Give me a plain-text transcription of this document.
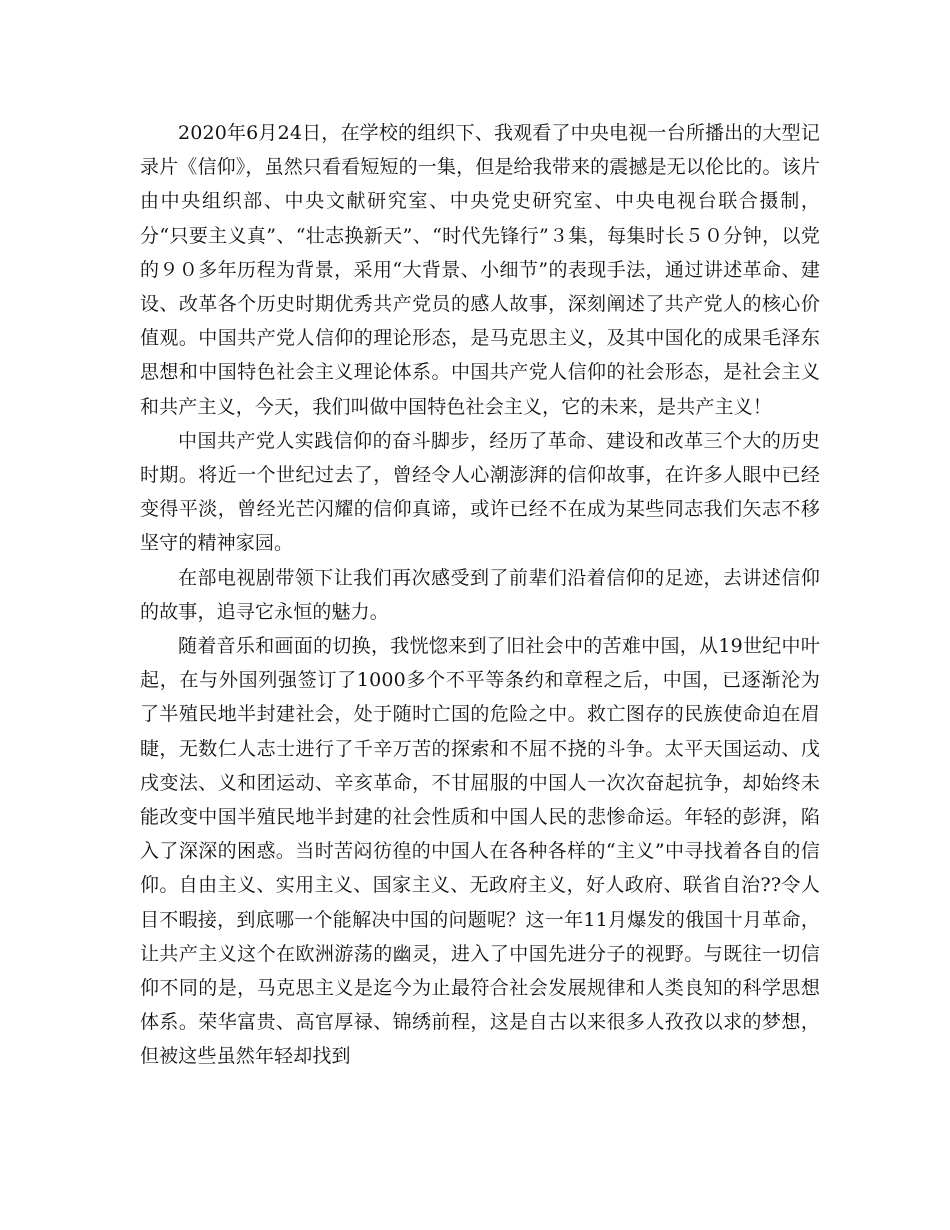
2020年6月24日，在学校的组织下、我观看了中央电视一台所播出的大型记录片《信仰》，虽然只看看短短的一集，但是给我带来的震撼是无以伦比的。该片由中央组织部、中央文献研究室、中央党史研究室、中央电视台联合摄制，分“只要主义真”、“壮志换新天”、“时代先锋行”３集，每集时长５０分钟，以党的９０多年历程为背景，采用“大背景、小细节”的表现手法，通过讲述革命、建设、改革各个历史时期优秀共产党员的感人故事，深刻阐述了共产党人的核心价值观。中国共产党人信仰的理论形态，是马克思主义，及其中国化的成果毛泽东思想和中国特色社会主义理论体系。中国共产党人信仰的社会形态，是社会主义和共产主义，今天，我们叫做中国特色社会主义，它的未来，是共产主义！

中国共产党人实践信仰的奋斗脚步，经历了革命、建设和改革三个大的历史时期。将近一个世纪过去了，曾经令人心潮澎湃的信仰故事，在许多人眼中已经变得平淡，曾经光芒闪耀的信仰真谛，或许已经不在成为某些同志我们矢志不移坚守的精神家园。

在部电视剧带领下让我们再次感受到了前辈们沿着信仰的足迹，去讲述信仰的故事，追寻它永恒的魅力。

随着音乐和画面的切换，我恍惚来到了旧社会中的苦难中国，从19世纪中叶起，在与外国列强签订了1000多个不平等条约和章程之后，中国，已逐渐沦为了半殖民地半封建社会，处于随时亡国的危险之中。救亡图存的民族使命迫在眉睫，无数仁人志士进行了千辛万苦的探索和不屈不挠的斗争。太平天国运动、戊戌变法、义和团运动、辛亥革命，不甘屈服的中国人一次次奋起抗争，却始终未能改变中国半殖民地半封建的社会性质和中国人民的悲惨命运。年轻的彭湃，陷入了深深的困惑。当时苦闷彷徨的中国人在各种各样的“主义”中寻找着各自的信仰。自由主义、实用主义、国家主义、无政府主义，好人政府、联省自治??令人目不暇接，到底哪一个能解决中国的问题呢？这一年11月爆发的俄国十月革命，让共产主义这个在欧洲游荡的幽灵，进入了中国先进分子的视野。与既往一切信仰不同的是，马克思主义是迄今为止最符合社会发展规律和人类良知的科学思想体系。荣华富贵、高官厚禄、锦绣前程，这是自古以来很多人孜孜以求的梦想，但被这些虽然年轻却找到
